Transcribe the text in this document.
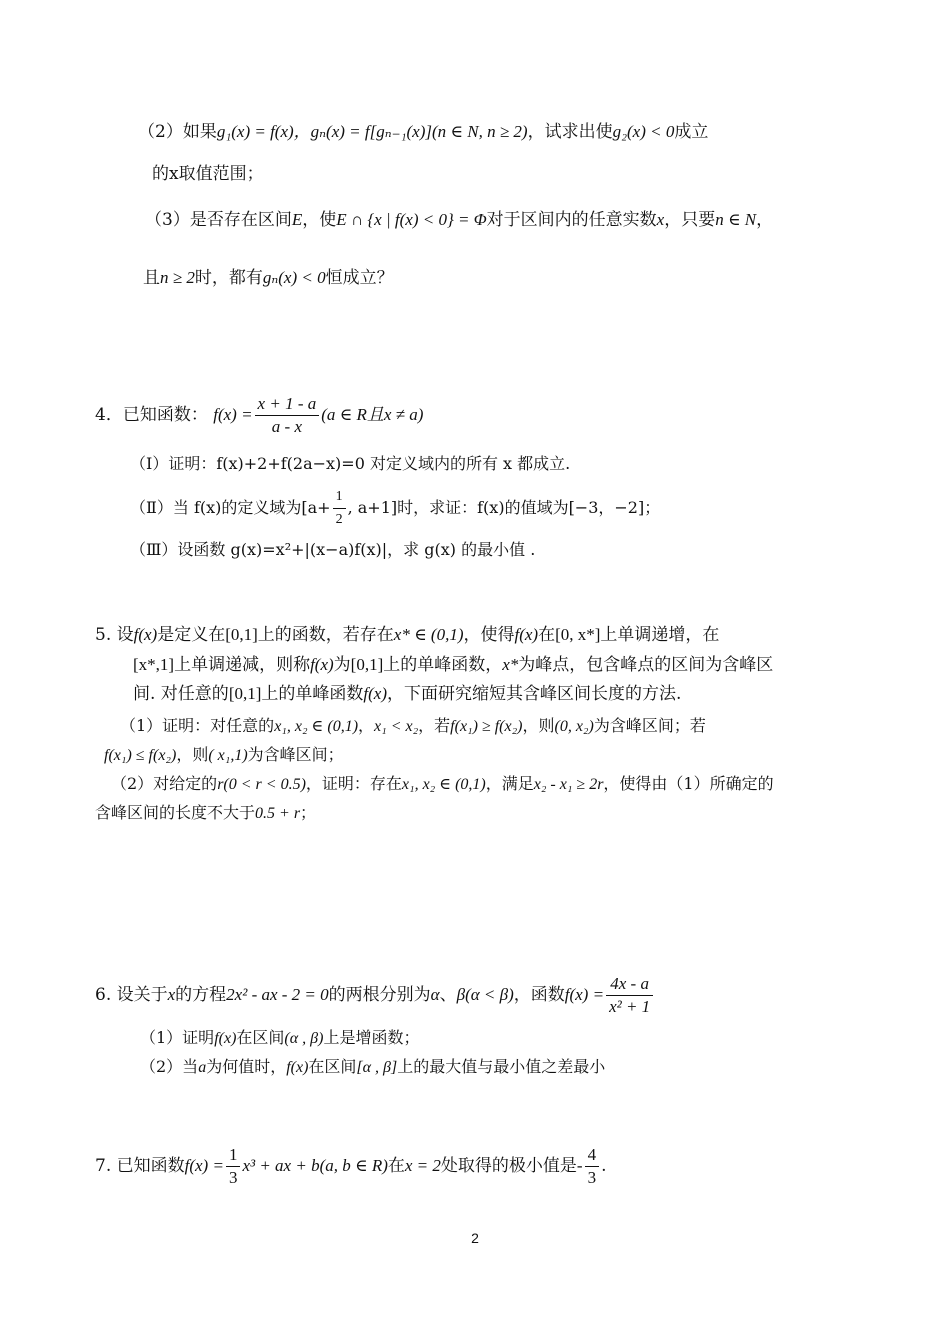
（2）如果g₁(x) = f(x)，gₙ(x) = f[gₙ₋₁(x)](n ∈ N, n ≥ 2)，试求出使g₂(x) < 0成立
的x取值范围；
（3）是否存在区间E，使E ∩ {x | f(x) < 0} = Φ对于区间内的任意实数x，只要n ∈ N，
且n ≥ 2时，都有gₙ(x) < 0恒成立？
4．已知函数： $f(x) = \frac{x + 1 - a}{a - x} (a$ ∈ R且x ≠ a)
（Ⅰ）证明：f(x)+2+f(2a−x)=0 对定义域内的所有 x 都成立.
（Ⅱ）当 f(x)的定义域为[$a+ \frac{1}{2}$ , a+1]时，求证：f(x)的值域为[−3，−2]；
（Ⅲ）设函数 g(x)=x²+|(x−a)f(x)|，求 g(x) 的最小值 .
5. 设f(x)是定义在[0,1]上的函数，若存在x* ∈ (0,1)，使得f(x)在[0, x*]上单调递增，在
[x*,1]上单调递减，则称f(x)为[0,1]上的单峰函数，x*为峰点，包含峰点的区间为含峰区
间. 对任意的[0,1]上的单峰函数f(x)，下面研究缩短其含峰区间长度的方法.
（1）证明：对任意的x₁, x₂ ∈ (0,1)，x₁ < x₂，若f(x₁) ≥ f(x₂)，则(0, x₂)为含峰区间；若
f(x₁) ≤ f(x₂)，则( x₁,1)为含峰区间；
（2）对给定的r(0 < r < 0.5)，证明：存在x₁, x₂ ∈ (0,1)，满足x₂ - x₁ ≥ 2r，使得由（1）所确定的
含峰区间的长度不大于0.5 + r；
6. 设关于x的方程2x² - ax - 2 = 0的两根分别为α、β(α < β)，函数$f(x) = \frac{4x - a}{\text{x² + 1}}$
（1）证明f(x)在区间(α , β)上是增函数；
（2）当a为何值时，f(x)在区间[α , β]上的最大值与最小值之差最小
7. 已知函数$f(x) = \frac{1}{3} x^3$ + ax + b(a, b ∈ R)在x = 2处取得的极小值是- $\frac{4}{3}$ .
2
